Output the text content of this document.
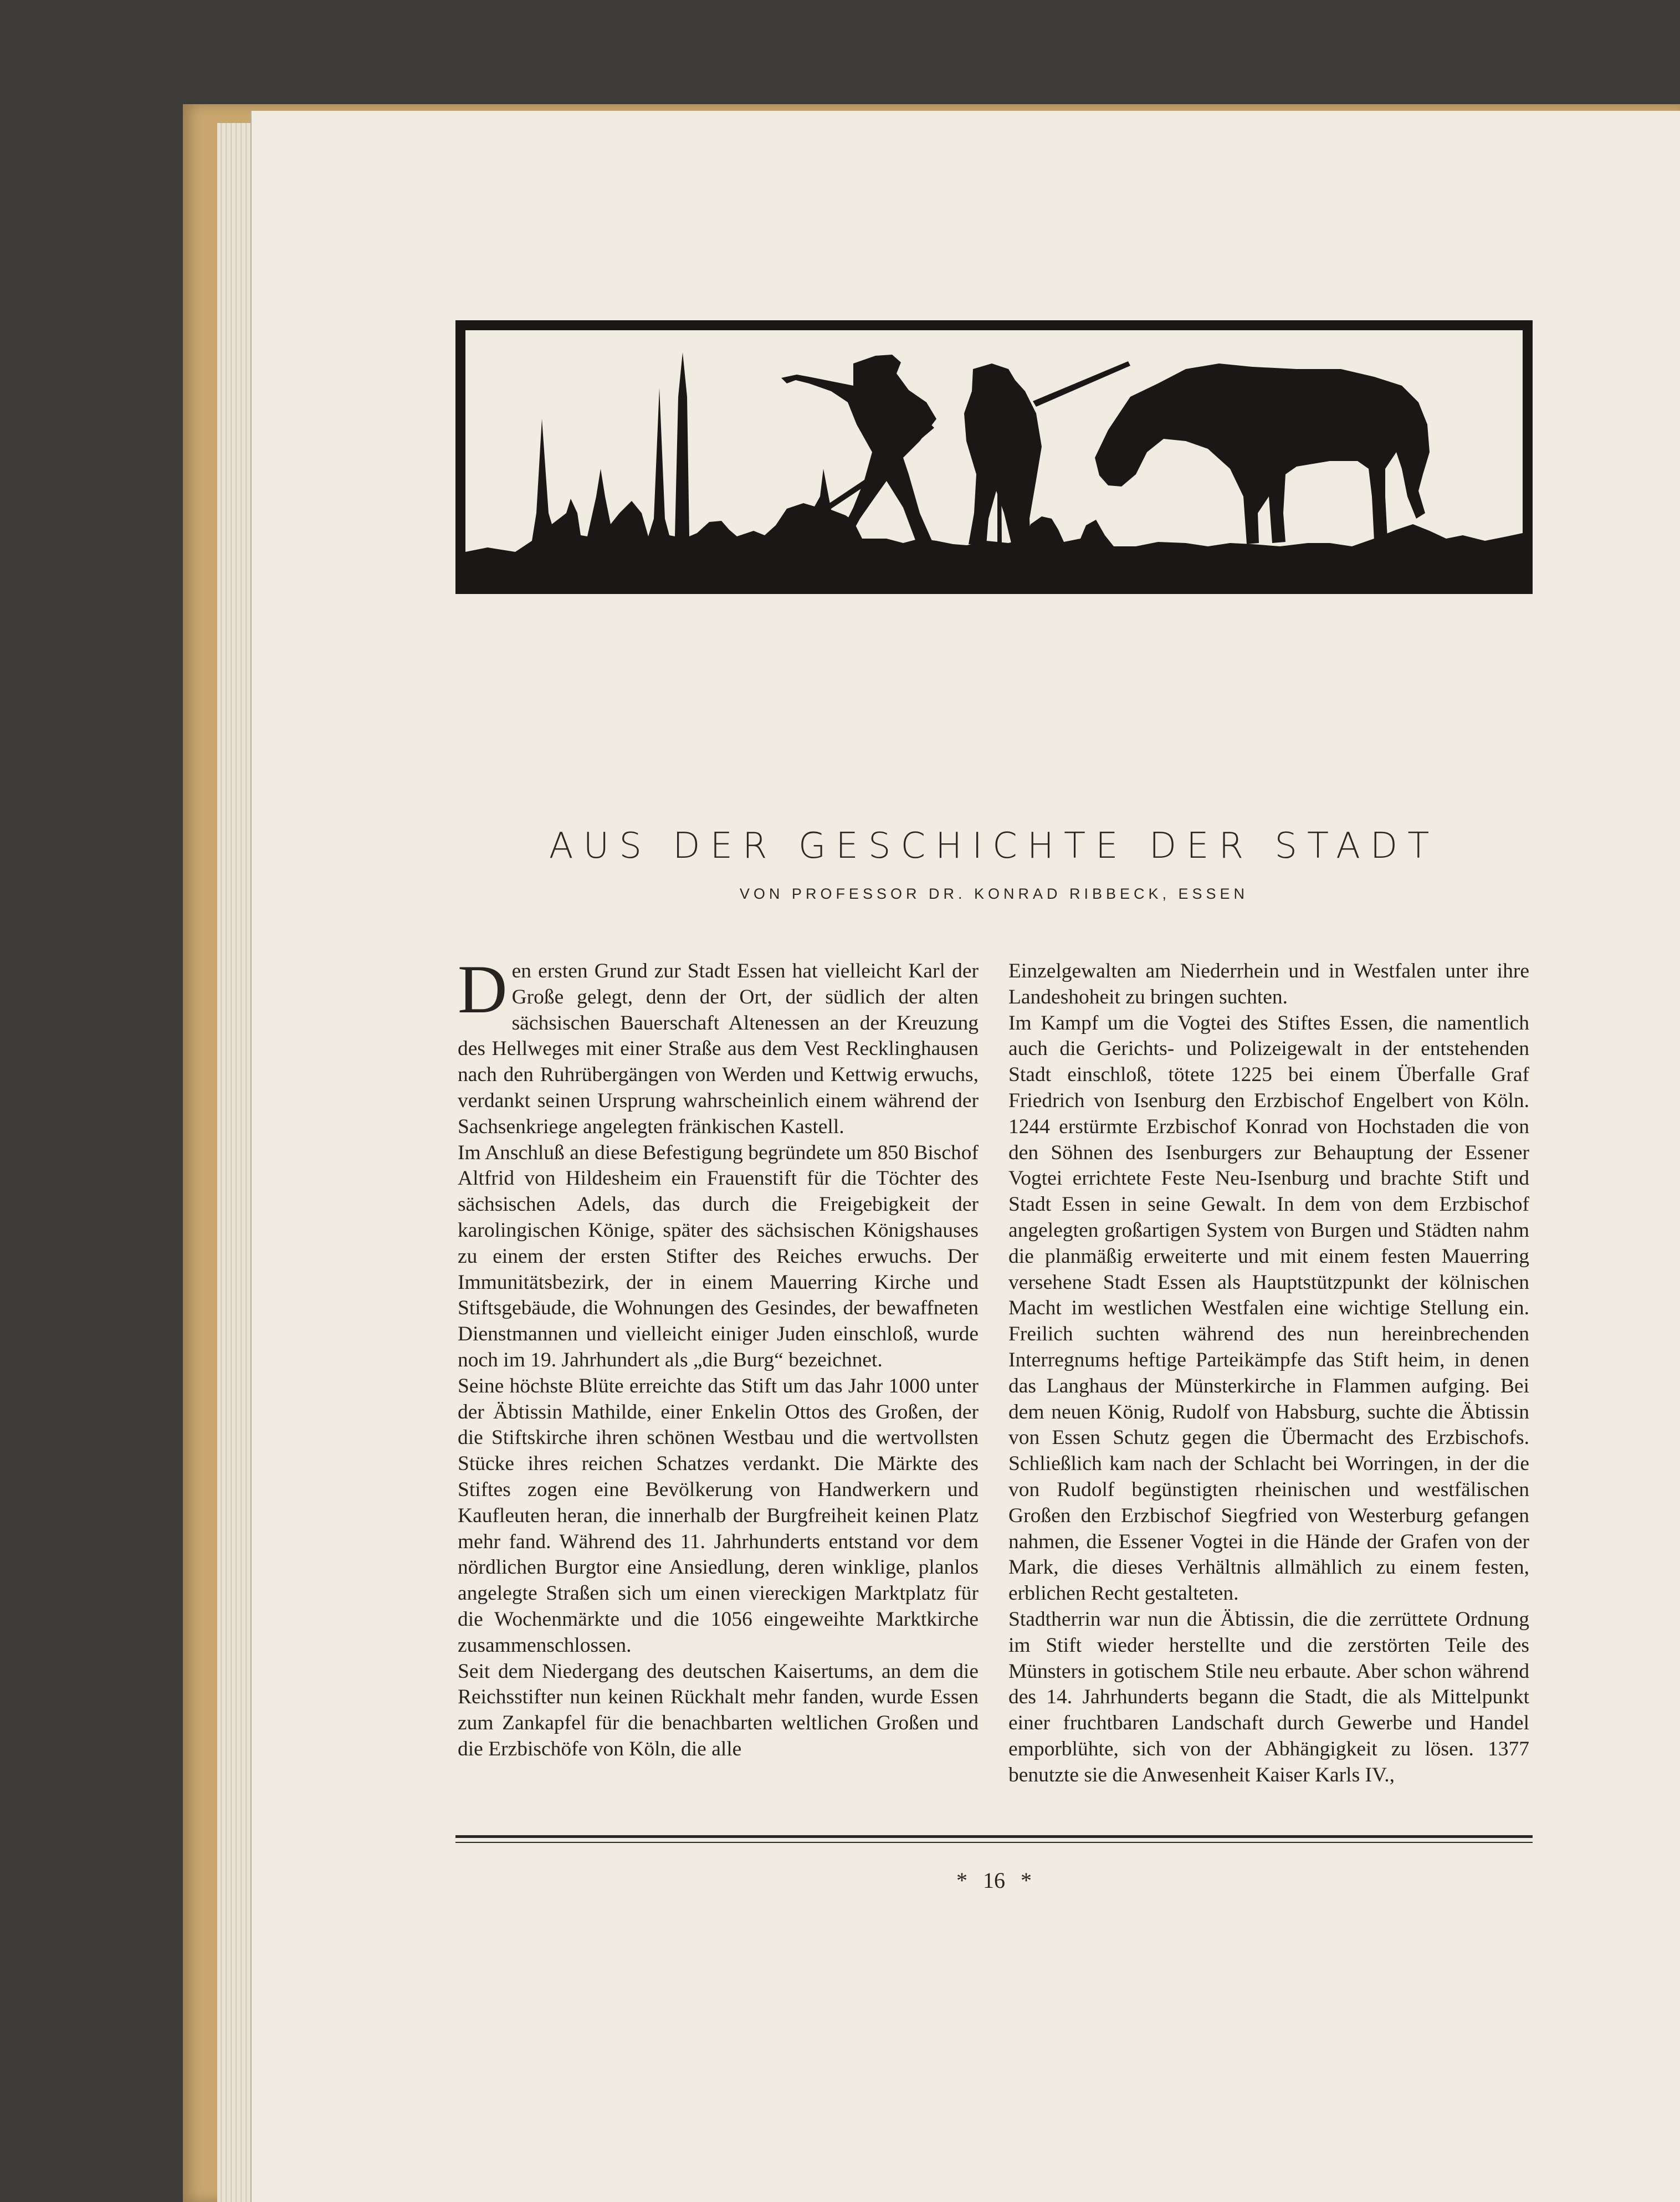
AUS DER GESCHICHTE DER STADT
VON PROFESSOR DR. KONRAD RIBBECK, ESSEN

Den ersten Grund zur Stadt Essen hat vielleicht Karl der Große gelegt, denn der Ort, der südlich der alten sächsischen Bauerschaft Altenessen an der Kreuzung des Hellweges mit einer Straße aus dem Vest Recklinghausen nach den Ruhrübergängen von Werden und Kettwig erwuchs, verdankt seinen Ursprung wahrscheinlich einem während der Sachsenkriege angelegten fränkischen Kastell.

Im Anschluß an diese Befestigung begründete um 850 Bischof Altfrid von Hildesheim ein Frauenstift für die Töchter des sächsischen Adels, das durch die Freigebigkeit der karolingischen Könige, später des sächsischen Königshauses zu einem der ersten Stifter des Reiches erwuchs. Der Immunitätsbezirk, der in einem Mauerring Kirche und Stiftsgebäude, die Wohnungen des Gesindes, der bewaffneten Dienstmannen und vielleicht einiger Juden einschloß, wurde noch im 19. Jahrhundert als „die Burg“ bezeichnet.

Seine höchste Blüte erreichte das Stift um das Jahr 1000 unter der Äbtissin Mathilde, einer Enkelin Ottos des Großen, der die Stiftskirche ihren schönen Westbau und die wertvollsten Stücke ihres reichen Schatzes verdankt. Die Märkte des Stiftes zogen eine Bevölkerung von Handwerkern und Kaufleuten heran, die innerhalb der Burgfreiheit keinen Platz mehr fand. Während des 11. Jahrhunderts entstand vor dem nördlichen Burgtor eine Ansiedlung, deren winklige, planlos angelegte Straßen sich um einen viereckigen Marktplatz für die Wochenmärkte und die 1056 eingeweihte Marktkirche zusammenschlossen.

Seit dem Niedergang des deutschen Kaisertums, an dem die Reichsstifter nun keinen Rückhalt mehr fanden, wurde Essen zum Zankapfel für die benachbarten weltlichen Großen und die Erzbischöfe von Köln, die alle

Einzelgewalten am Niederrhein und in Westfalen unter ihre Landeshoheit zu bringen suchten.

Im Kampf um die Vogtei des Stiftes Essen, die namentlich auch die Gerichts- und Polizeigewalt in der entstehenden Stadt einschloß, tötete 1225 bei einem Überfalle Graf Friedrich von Isenburg den Erzbischof Engelbert von Köln. 1244 erstürmte Erzbischof Konrad von Hochstaden die von den Söhnen des Isenburgers zur Behauptung der Essener Vogtei errichtete Feste Neu-Isenburg und brachte Stift und Stadt Essen in seine Gewalt. In dem von dem Erzbischof angelegten großartigen System von Burgen und Städten nahm die planmäßig erweiterte und mit einem festen Mauerring versehene Stadt Essen als Hauptstützpunkt der kölnischen Macht im westlichen Westfalen eine wichtige Stellung ein. Freilich suchten während des nun hereinbrechenden Interregnums heftige Parteikämpfe das Stift heim, in denen das Langhaus der Münsterkirche in Flammen aufging. Bei dem neuen König, Rudolf von Habsburg, suchte die Äbtissin von Essen Schutz gegen die Übermacht des Erzbischofs. Schließlich kam nach der Schlacht bei Worringen, in der die von Rudolf begünstigten rheinischen und westfälischen Großen den Erzbischof Siegfried von Westerburg gefangen nahmen, die Essener Vogtei in die Hände der Grafen von der Mark, die dieses Verhältnis allmählich zu einem festen, erblichen Recht gestalteten.

Stadtherrin war nun die Äbtissin, die die zerrüttete Ordnung im Stift wieder herstellte und die zerstörten Teile des Münsters in gotischem Stile neu erbaute. Aber schon während des 14. Jahrhunderts begann die Stadt, die als Mittelpunkt einer fruchtbaren Landschaft durch Gewerbe und Handel emporblühte, sich von der Abhängigkeit zu lösen. 1377 benutzte sie die Anwesenheit Kaiser Karls IV.,

* 16 *
